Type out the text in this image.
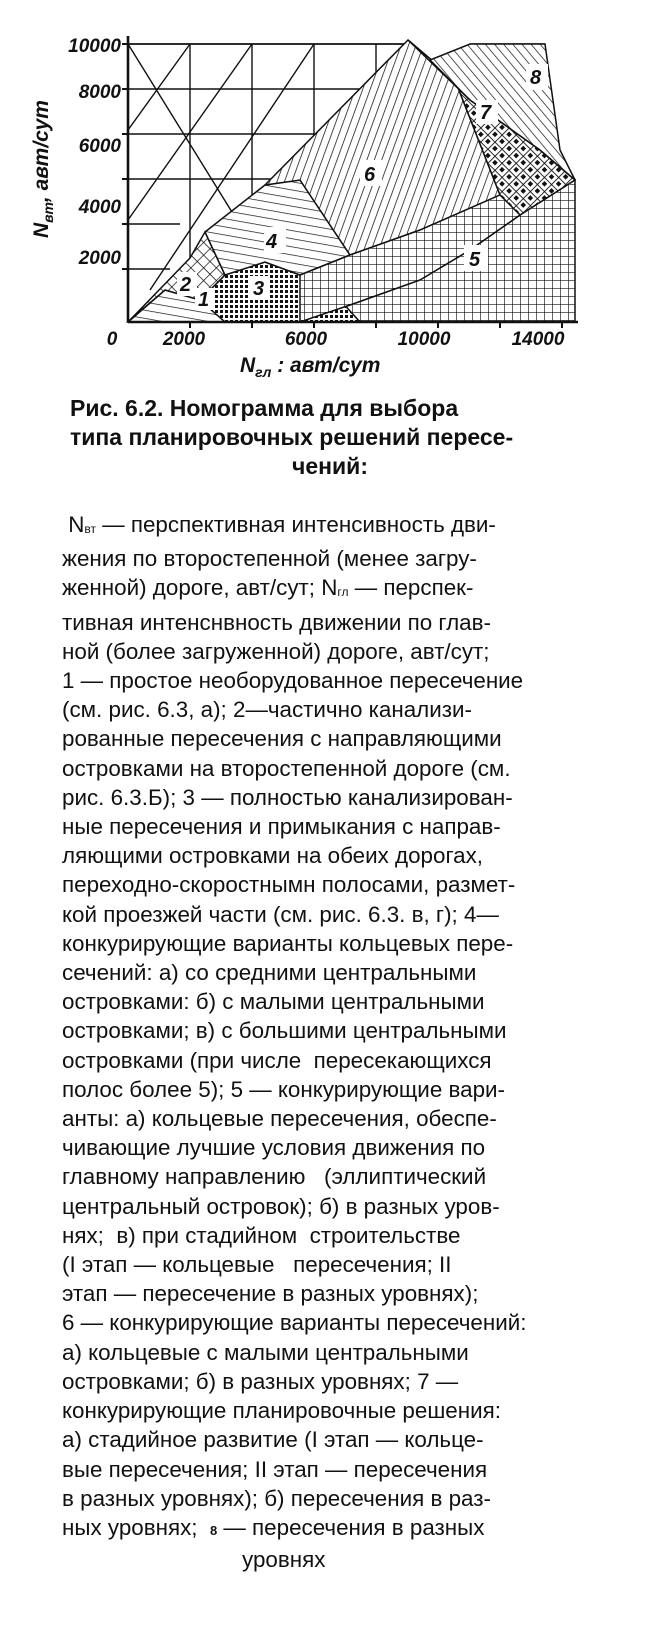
2
1 3
4
5
6
7
8
10000
8000
6000
4000
2000
0 2000	6000	10000	14000
$N_{вт}$, авт/сут
$N_{гл}$ : авт/сут
Рис. 6.2. Номограмма для выбора
типа планировочных решений пересе-
чений:
Nвт — перспективная интенсивность дви-
жения по второстепенной (менее загру-
женной) дороге, авт/сут; Nгл — перспек-
тивная интенснвность движении по глав-
ной (более загруженной) дороге, авт/сут;
1 — простое необорудованное пересечение
(см. рис. 6.3, а); 2—частично канализи-
рованные пересечения с направляющими
островками на второстепенной дороге (см.
рис. 6.3.Б); 3 — полностью канализирован-
ные пересечения и примыкания с направ-
ляющими островками на обеих дорогах,
переходно-скоростнымн полосами, размет-
кой проезжей части (см. рис. 6.3. в, г); 4—
конкурирующие варианты кольцевых пере-
сечений: а) со средними центральными
островками: б) с малыми центральными
островками; в) с большими центральными
островками (при числе  пересекающихся
полос более 5); 5 — конкурирующие вари-
анты: а) кольцевые пересечения, обеспе-
чивающие лучшие условия движения по
главному направлению   (эллиптический
центральный островок); б) в разных уров-
нях;  в) при стадийном  строительстве
(I этап — кольцевые   пересечения; II
этап — пересечение в разных уровнях);
6 — конкурирующие варианты пересечений:
а) кольцевые с малыми центральными
островками; б) в разных уровнях; 7 —
конкурирующие планировочные решения:
а) стадийное развитие (I этап — кольце-
вые пересечения; II этап — пересечения
в разных уровнях); б) пересечения в раз-
ных уровнях;  8 — пересечения в разных
уровнях
